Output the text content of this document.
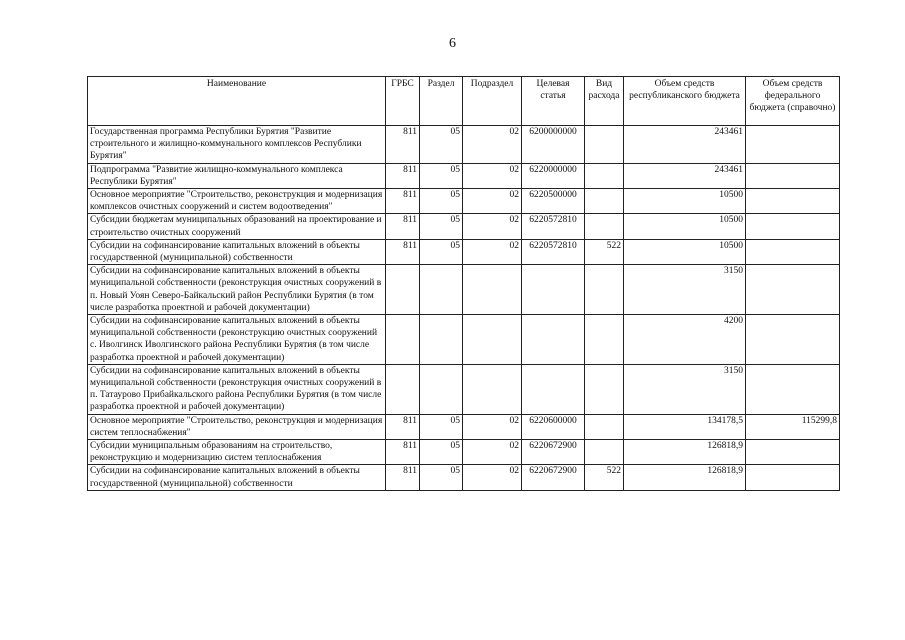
6
Наименование	ГРБС	Раздел	Подраздел	Целевая статья	Вид расхода	Объем средств республиканского бюджета	Объем средств федерального бюджета (справочно)
Государственная программа Республики Бурятия "Развитие строительного и жилищно-коммунального комплексов Республики Бурятия"	811	05	02	6200000000		243461	
Подпрограмма "Развитие жилищно-коммунального комплекса Республики Бурятия"	811	05	02	6220000000		243461	
Основное мероприятие "Строительство, реконструкция и модернизация комплексов очистных сооружений и систем водоотведения"	811	05	02	6220500000		10500	
Субсидии бюджетам муниципальных образований на проектирование и строительство очистных сооружений	811	05	02	6220572810		10500	
Субсидии на софинансирование капитальных вложений в объекты государственной (муниципальной) собственности	811	05	02	6220572810	522	10500	
Субсидии на софинансирование капитальных вложений в объекты муниципальной собственности (реконструкция очистных сооружений в п. Новый Уоян Северо-Байкальский район Республики Бурятия (в том числе разработка проектной и рабочей документации)						3150	
Субсидии на софинансирование капитальных вложений в объекты муниципальной собственности (реконструкцию очистных сооружений с. Иволгинск Иволгинского района Республики Бурятия (в том числе разработка проектной и рабочей документации)						4200	
Субсидии на софинансирование капитальных вложений в объекты муниципальной собственности (реконструкция очистных сооружений в п. Татаурово Прибайкальского района Республики Бурятия (в том числе разработка проектной и рабочей документации)						3150	
Основное мероприятие "Строительство, реконструкция и модернизация систем теплоснабжения"	811	05	02	6220600000		134178,5	115299,8
Субсидии муниципальным образованиям на строительство, реконструкцию и модернизацию систем теплоснабжения	811	05	02	6220672900		126818,9	
Субсидии на софинансирование капитальных вложений в объекты государственной (муниципальной) собственности	811	05	02	6220672900	522	126818,9	
